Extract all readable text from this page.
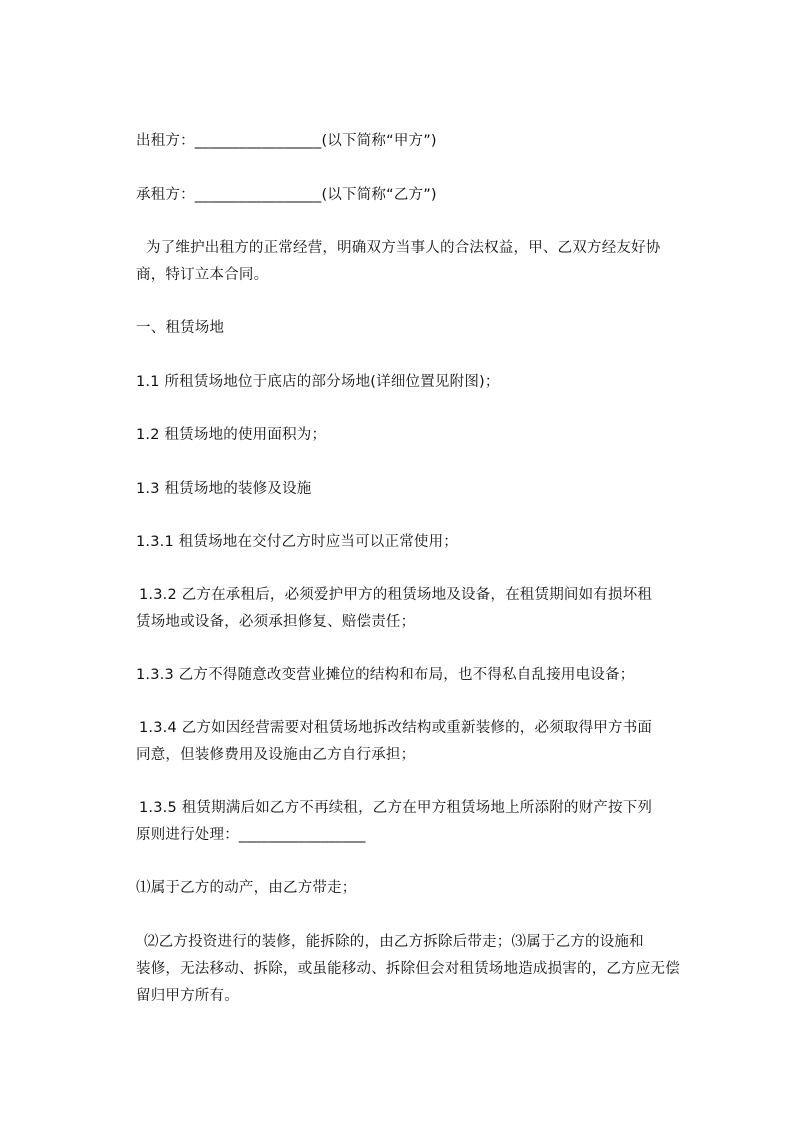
出租方：_________________(以下简称“甲方”)
承租方：_________________(以下简称“乙方”)
为了维护出租方的正常经营，明确双方当事人的合法权益，甲、乙双方经友好协
商，特订立本合同。
一、租赁场地
1.1 所租赁场地位于底店的部分场地(详细位置见附图)；
1.2 租赁场地的使用面积为；
1.3 租赁场地的装修及设施
1.3.1 租赁场地在交付乙方时应当可以正常使用；
1.3.2 乙方在承租后，必须爱护甲方的租赁场地及设备，在租赁期间如有损坏租
赁场地或设备，必须承担修复、赔偿责任；
1.3.3 乙方不得随意改变营业摊位的结构和布局，也不得私自乱接用电设备；
1.3.4 乙方如因经营需要对租赁场地拆改结构或重新装修的，必须取得甲方书面
同意，但装修费用及设施由乙方自行承担；
1.3.5 租赁期满后如乙方不再续租，乙方在甲方租赁场地上所添附的财产按下列
原则进行处理：_________________
⑴属于乙方的动产，由乙方带走；
⑵乙方投资进行的装修，能拆除的，由乙方拆除后带走；⑶属于乙方的设施和
装修，无法移动、拆除，或虽能移动、拆除但会对租赁场地造成损害的，乙方应无偿
留归甲方所有。
